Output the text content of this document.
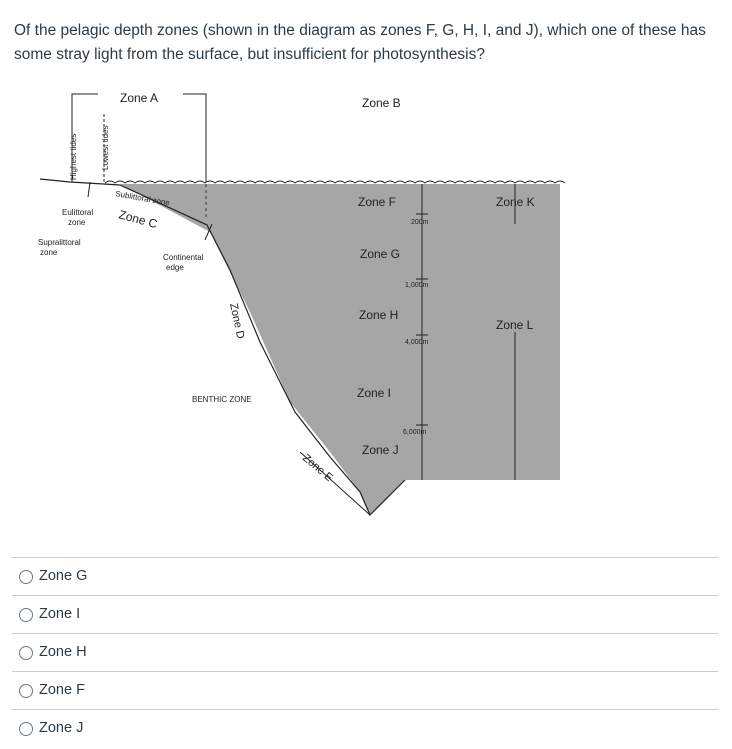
Of the pelagic depth zones (shown in the diagram as zones F, G, H, I, and J), which one of these has some stray light from the surface, but insufficient for photosynthesis?

Zone A	Zone B
Highest tides	Lowest tides
Sublittoral zone
Zone C
Eulittoral
zone
Supralittoral
zone
Continental
edge
Zone D
BENTHIC ZONE
Zone E
Zone F
Zone G
Zone H
Zone I
Zone J
Zone K
Zone L
200m
1,000m
4,000m
6,000m
Zone G
Zone I
Zone H
Zone F
Zone J
